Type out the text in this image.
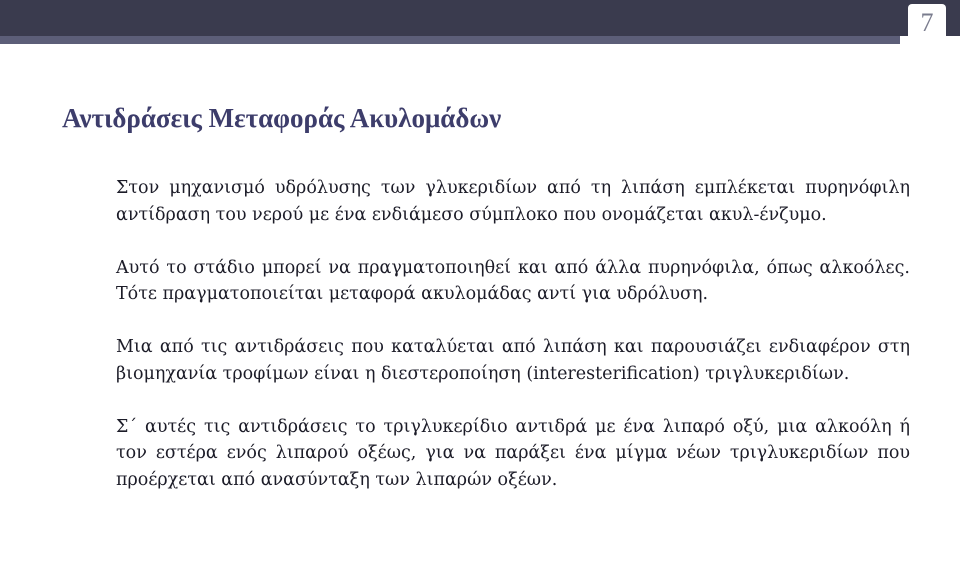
7
Αντιδράσεις Μεταφοράς Ακυλομάδων

Στον μηχανισμό υδρόλυσης των γλυκεριδίων από τη λιπάση εμπλέκεται πυρηνόφιλη αντίδραση του νερού με ένα ενδιάμεσο σύμπλοκο που ονομάζεται ακυλ-ένζυμο.

Αυτό το στάδιο μπορεί να πραγματοποιηθεί και από άλλα πυρηνόφιλα, όπως αλκοόλες. Τότε πραγματοποιείται μεταφορά ακυλομάδας αντί για υδρόλυση.

Μια από τις αντιδράσεις που καταλύεται από λιπάση και παρουσιάζει ενδιαφέρον στη βιομηχανία τροφίμων είναι η διεστεροποίηση (interesterification) τριγλυκεριδίων.

Σ΄ αυτές τις αντιδράσεις το τριγλυκερίδιο αντιδρά με ένα λιπαρό οξύ, μια αλκοόλη ή τον εστέρα ενός λιπαρού οξέως, για να παράξει ένα μίγμα νέων τριγλυκεριδίων που προέρχεται από ανασύνταξη των λιπαρών οξέων.
